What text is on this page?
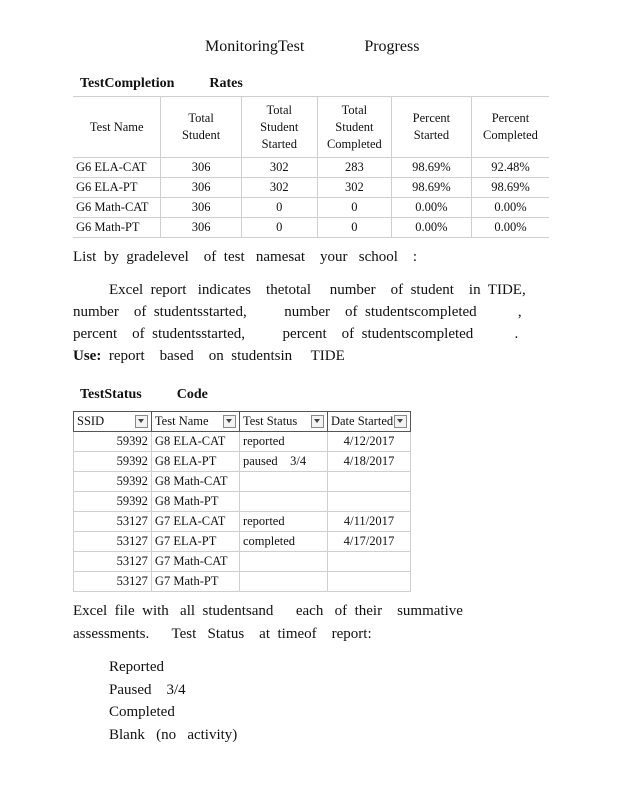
MonitoringTest          Progress
TestCompletion          Rates
Test Name	Total Student	Total Student Started	Total Student Completed	Percent Started	Percent Completed
G6 ELA-CAT	306	302	283	98.69%	92.48%
G6 ELA-PT	306	302	302	98.69%	98.69%
G6 Math-CAT	306	0	0	0.00%	0.00%
G6 Math-PT	306	0	0	0.00%	0.00%
List  by  gradelevel    of  test   namesat    your   school    :
Excel  report   indicates    thetotal     number    of  student    in  TIDE,
number    of  studentsstarted,          number    of  studentscompleted           ,
percent    of  studentsstarted,          percent    of  studentscompleted           .
Use:  report    based    on  studentsin     TIDE
TestStatus          Code
SSID	Test Name	Test Status	Date Started

59392	G8 ELA-CAT	reported	4/12/2017
59392	G8 ELA-PT	paused    3/4	4/18/2017
59392	G8 Math-CAT		
59392	G8 Math-PT		
53127	G7 ELA-CAT	reported	4/11/2017
53127	G7 ELA-PT	completed	4/17/2017
53127	G7 Math-CAT		
53127	G7 Math-PT		
Excel  file  with   all  studentsand      each   of  their    summative
assessments.      Test   Status    at  timeof    report:
Reported
Paused    3/4
Completed
Blank   (no   activity)
